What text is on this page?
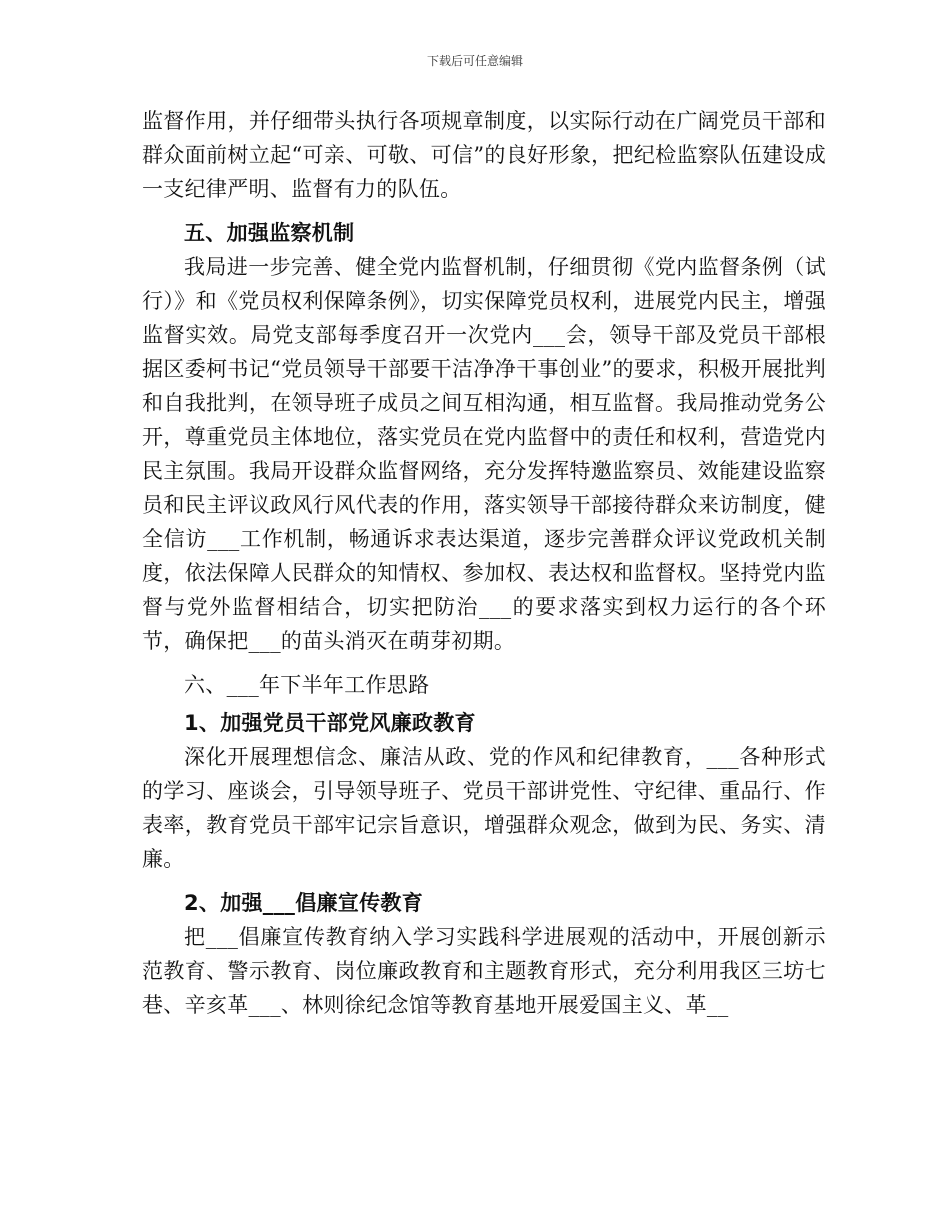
下载后可任意编辑

监督作用，并仔细带头执行各项规章制度，以实际行动在广阔党员干部和群众面前树立起“可亲、可敬、可信”的良好形象，把纪检监察队伍建设成一支纪律严明、监督有力的队伍。

五、加强监察机制

我局进一步完善、健全党内监督机制，仔细贯彻《党内监督条例（试行）》和《党员权利保障条例》，切实保障党员权利，进展党内民主，增强监督实效。局党支部每季度召开一次党内___会，领导干部及党员干部根据区委柯书记“党员领导干部要干洁净净干事创业”的要求，积极开展批判和自我批判，在领导班子成员之间互相沟通，相互监督。我局推动党务公开，尊重党员主体地位，落实党员在党内监督中的责任和权利，营造党内民主氛围。我局开设群众监督网络，充分发挥特邀监察员、效能建设监察员和民主评议政风行风代表的作用，落实领导干部接待群众来访制度，健全信访___工作机制，畅通诉求表达渠道，逐步完善群众评议党政机关制度，依法保障人民群众的知情权、参加权、表达权和监督权。坚持党内监督与党外监督相结合，切实把防治___的要求落实到权力运行的各个环节，确保把___的苗头消灭在萌芽初期。

六、___年下半年工作思路
1、加强党员干部党风廉政教育

深化开展理想信念、廉洁从政、党的作风和纪律教育，___各种形式的学习、座谈会，引导领导班子、党员干部讲党性、守纪律、重品行、作表率，教育党员干部牢记宗旨意识，增强群众观念，做到为民、务实、清廉。

2、加强___倡廉宣传教育

把___倡廉宣传教育纳入学习实践科学进展观的活动中，开展创新示范教育、警示教育、岗位廉政教育和主题教育形式，充分利用我区三坊七巷、辛亥革___、林则徐纪念馆等教育基地开展爱国主义、革__
